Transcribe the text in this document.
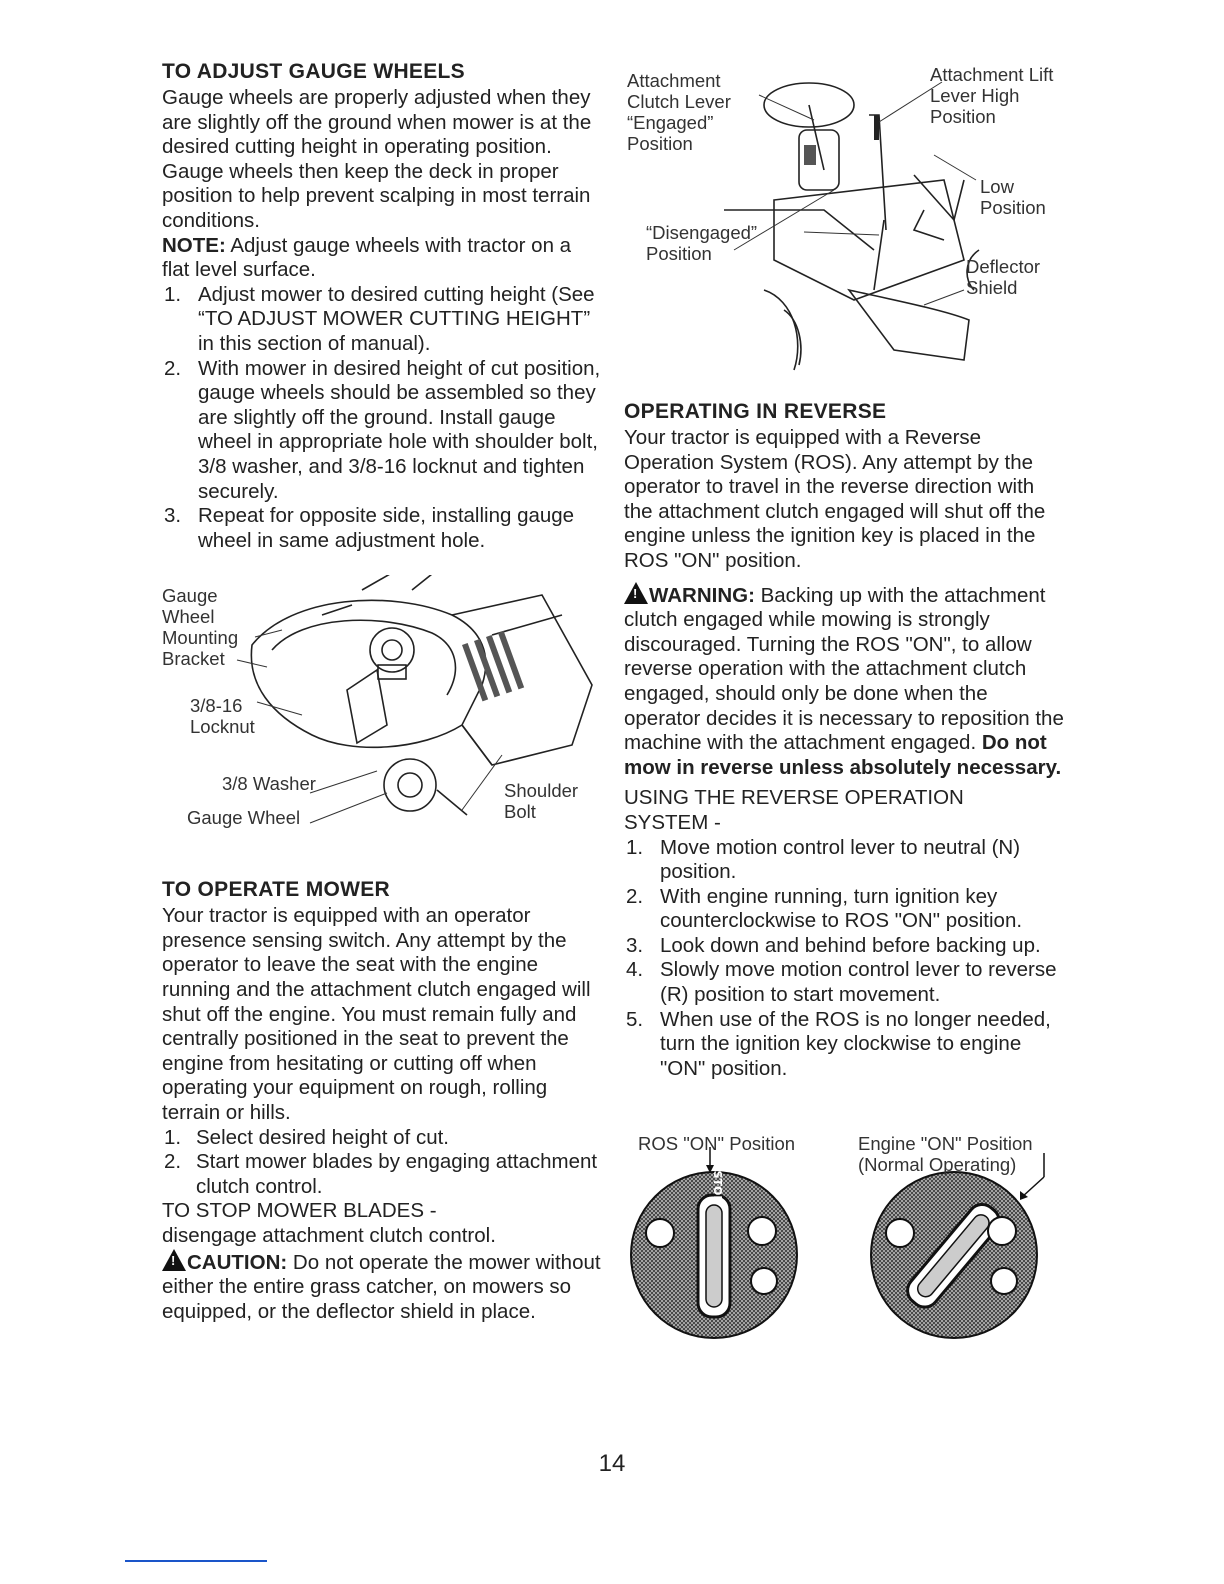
TO ADJUST GAUGE WHEELS

Gauge wheels are properly adjusted when they are slightly off the ground when mower is at the desired cutting height in operating position. Gauge wheels then keep the deck in proper position to help prevent scalping in most terrain conditions.

NOTE: Adjust gauge wheels with tractor on a flat level surface.

1. Adjust mower to desired cutting height (See “TO ADJUST MOWER CUTTING HEIGHT” in this section of manual).
2. With mower in desired height of cut position, gauge wheels should be assembled so they are slightly off the ground. Install gauge wheel in appropriate hole with shoulder bolt, 3/8 washer, and 3/8-16 locknut and tighten securely.
3. Repeat for opposite side, installing gauge wheel in same adjustment hole.
Gauge Wheel Mounting Bracket
3/8-16 Locknut
3/8 Washer
Gauge Wheel
Shoulder Bolt
TO OPERATE MOWER

Your tractor is equipped with an operator presence sensing switch. Any attempt by the operator to leave the seat with the engine running and the attachment clutch engaged will shut off the engine. You must remain fully and centrally positioned in the seat to prevent the engine from hesitating or cutting off when operating your equipment on rough, rolling terrain or hills.

1. Select desired height of cut.
2. Start mower blades by engaging attachment clutch control.

TO STOP MOWER BLADES -

disengage attachment clutch control.

!CAUTION: Do not operate the mower without either the entire grass catcher, on mowers so equipped, or the deflector shield in place.

Attachment Clutch Lever “Engaged” Position
“Disengaged” Position
Attachment Lift Lever High Position
Low Position
Deflector Shield
OPERATING IN REVERSE

Your tractor is equipped with a Reverse Operation System (ROS). Any attempt by the operator to travel in the reverse direction with the attachment clutch engaged will shut off the engine unless the ignition key is placed in the ROS "ON" position.

!WARNING: Backing up with the attachment clutch engaged while mowing is strongly discouraged. Turning the ROS "ON", to allow reverse operation with the attachment clutch engaged, should only be done when the operator decides it is necessary to reposition the machine with the attachment engaged. Do not mow in reverse unless absolutely necessary.

USING THE REVERSE OPERATION SYSTEM -

1. Move motion control lever to neutral (N) position.
2. With engine running, turn ignition key counterclockwise to ROS "ON" position.
3. Look down and behind before backing up.
4. Slowly move motion control lever to reverse (R) position to start movement.
5. When use of the ROS is no longer needed, turn the ignition key clockwise to engine "ON" position.
STOP
ROS "ON" Position	Engine "ON" Position (Normal Operating)
14
